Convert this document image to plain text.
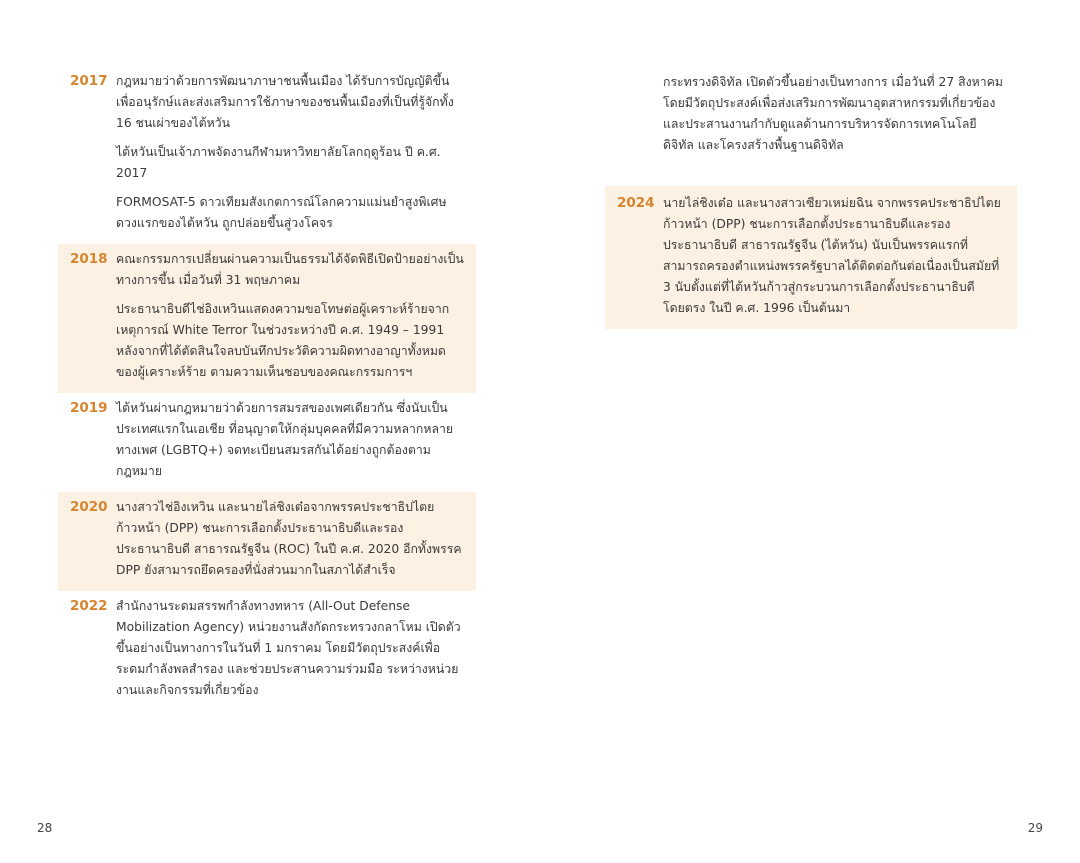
2017 กฎหมายว่าด้วยการพัฒนาภาษาชนพื้นเมือง ได้รับการบัญญัติขึ้นเพื่ออนุรักษ์และส่งเสริมการใช้ภาษาของชนพื้นเมืองที่เป็นที่รู้จักทั้ง 16 ชนเผ่าของไต้หวัน

ไต้หวันเป็นเจ้าภาพจัดงานกีฬามหาวิทยาลัยโลกฤดูร้อน ปี ค.ศ. 2017

FORMOSAT-5 ดาวเทียมสังเกตการณ์โลกความแม่นยำสูงพิเศษดวงแรกของไต้หวัน ถูกปล่อยขึ้นสู่วงโคจร

2018 คณะกรรมการเปลี่ยนผ่านความเป็นธรรมได้จัดพิธีเปิดป้ายอย่างเป็นทางการขึ้น เมื่อวันที่ 31 พฤษภาคม

ประธานาธิบดีไช่อิงเหวินแสดงความขอโทษต่อผู้เคราะห์ร้ายจากเหตุการณ์ White Terror ในช่วงระหว่างปี ค.ศ. 1949 – 1991 หลังจากที่ได้ตัดสินใจลบบันทึกประวัติความผิดทางอาญาทั้งหมดของผู้เคราะห์ร้าย ตามความเห็นชอบของคณะกรรมการฯ

2019 ไต้หวันผ่านกฎหมายว่าด้วยการสมรสของเพศเดียวกัน ซึ่งนับเป็นประเทศแรกในเอเชีย ที่อนุญาตให้กลุ่มบุคคลที่มีความหลากหลายทางเพศ (LGBTQ+) จดทะเบียนสมรสกันได้อย่างถูกต้องตามกฎหมาย

2020 นางสาวไช่อิงเหวิน และนายไล่ชิงเต๋อจากพรรคประชาธิปไตยก้าวหน้า (DPP) ชนะการเลือกตั้งประธานาธิบดีและรองประธานาธิบดี สาธารณรัฐจีน (ROC) ในปี ค.ศ. 2020 อีกทั้งพรรค DPP ยังสามารถยึดครองที่นั่งส่วนมากในสภาได้สำเร็จ

2022 สำนักงานระดมสรรพกำลังทางทหาร (All-Out Defense Mobilization Agency) หน่วยงานสังกัดกระทรวงกลาโหม เปิดตัวขึ้นอย่างเป็นทางการในวันที่ 1 มกราคม โดยมีวัตถุประสงค์เพื่อระดมกำลังพลสำรอง และช่วยประสานความร่วมมือ ระหว่างหน่วยงานและกิจกรรมที่เกี่ยวข้อง

28

กระทรวงดิจิทัล เปิดตัวขึ้นอย่างเป็นทางการ เมื่อวันที่ 27 สิงหาคม โดยมีวัตถุประสงค์เพื่อส่งเสริมการพัฒนาอุตสาหกรรมที่เกี่ยวข้อง และประสานงานกำกับดูแลด้านการบริหารจัดการเทคโนโลยีดิจิทัล และโครงสร้างพื้นฐานดิจิทัล

2024 นายไล่ชิงเต๋อ และนางสาวเซียวเหม่ยฉิน จากพรรคประชาธิปไตยก้าวหน้า (DPP) ชนะการเลือกตั้งประธานาธิบดีและรองประธานาธิบดี สาธารณรัฐจีน (ไต้หวัน) นับเป็นพรรคแรกที่สามารถครองตำแหน่งพรรครัฐบาลได้ติดต่อกันต่อเนื่องเป็นสมัยที่ 3 นับตั้งแต่ที่ไต้หวันก้าวสู่กระบวนการเลือกตั้งประธานาธิบดีโดยตรง ในปี ค.ศ. 1996 เป็นต้นมา

29
